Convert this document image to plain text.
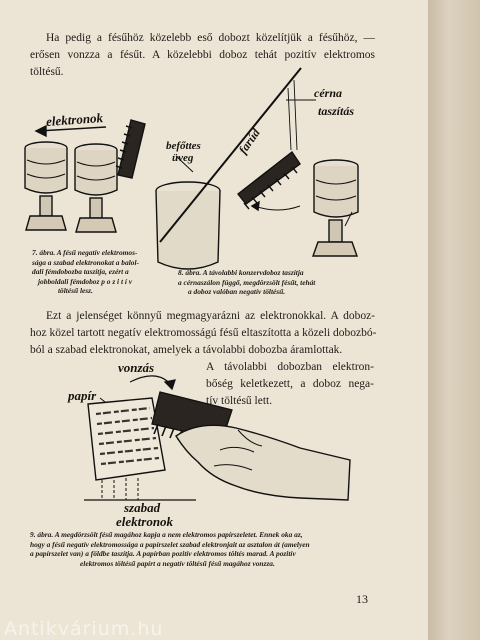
Ha pedig a fésűhöz közelebb eső dobozt közelítjük a fésűhöz, —
erősen vonzza a fésűt. A közelebbi doboz tehát pozitív elektromos
töltésű.
elektronok
7. ábra. A fésű negatív elektromos-
sága a szabad elektronokat a balol-
dali fémdobozba taszítja, ezért a
jobboldali fémdoboz p o z i t í v
töltésű lesz.
befőttes
üveg
farúd
cérna
taszítás
8. ábra. A távolabbi konzervdoboz taszítja
a cérnaszálon függő, megdörzsölt fésűt, tehát
a doboz valóban negatív töltésű.
Ezt a jelenséget könnyű megmagyarázni az elektronokkal. A doboz-
hoz közel tartott negatív elektromosságú fésű eltaszította a közeli dobozbó-
ból a szabad elektronokat, amelyek a távolabbi dobozba áramlottak.
A távolabbi dobozban elektron-
bőség keletkezett, a doboz nega-
tív töltésű lett.
vonzás
papír
szabad
elektronok
9. ábra. A megdörzsölt fésű magához kapja a nem elektromos papírszeletet. Ennek oka az,
hogy a fésű negatív elektromossága a papírszelet szabad elektronjait az asztalon át (amelyen
a papírszelet van) a földbe taszítja. A papírban pozitív elektromos töltés marad. A pozitív
elektromos töltésű papírt a negatív töltésű fésű magához vonzza.
13
Antikvárium.hu
